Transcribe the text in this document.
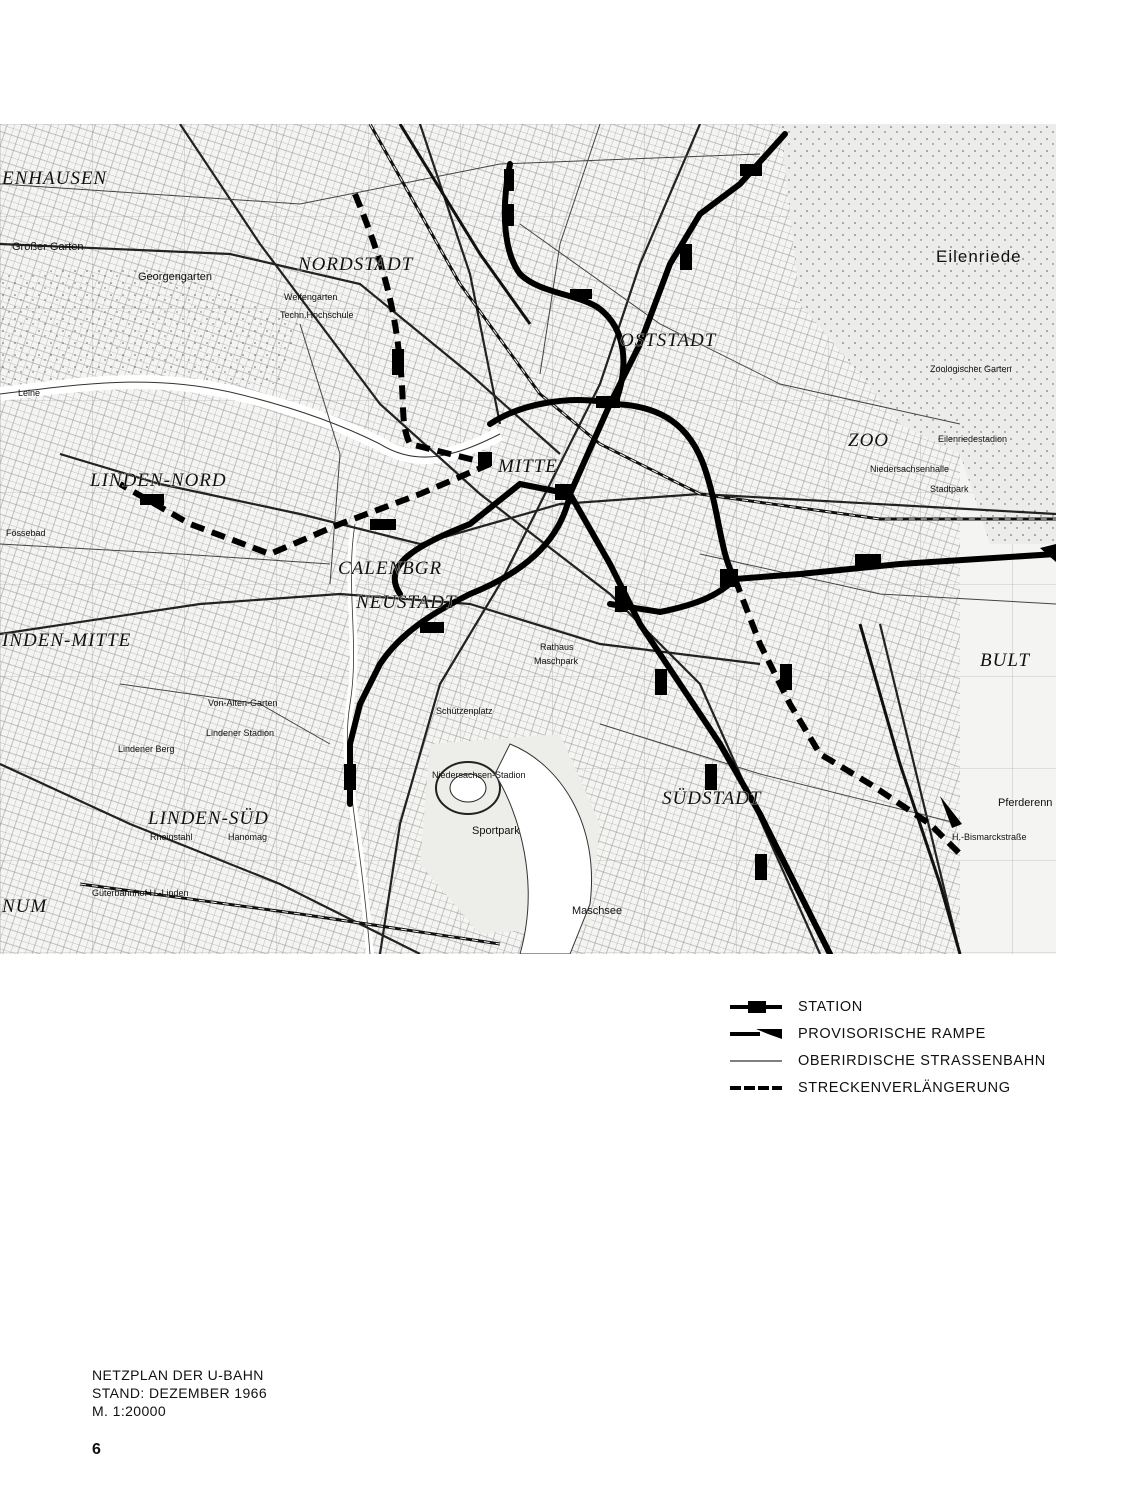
ENHAUSEN
NORDSTADT
OSTSTADT
MITTE
ZOO
LINDEN-NORD
CALENBGR
NEUSTADT
INDEN-MITTE
LINDEN-SÜD
SÜDSTADT
BULT
NUM
Eilenriede
Großer Garten
Georgengarten
Welfengarten
Techn.Hochschule
Zoologischer Garten
Eilenriedestadion
Stadtpark
Niedersachsenhalle
Rathaus
Maschpark
Niedersachsen-Stadion
Sportpark
Maschsee
Pferderenn
Lindener Berg
Von-Alten-Garten
Lindener Stadion
Hanomag
Rheinstahl
Güterbahnhof H.-Linden
H.-Bismarckstraße
Leine
Fössebad
Schützenplatz
STATION
PROVISORISCHE RAMPE
OBERIRDISCHE STRASSENBAHN
STRECKENVERLÄNGERUNG
NETZPLAN DER U-BAHN
STAND: DEZEMBER 1966
M. 1:20000
6
